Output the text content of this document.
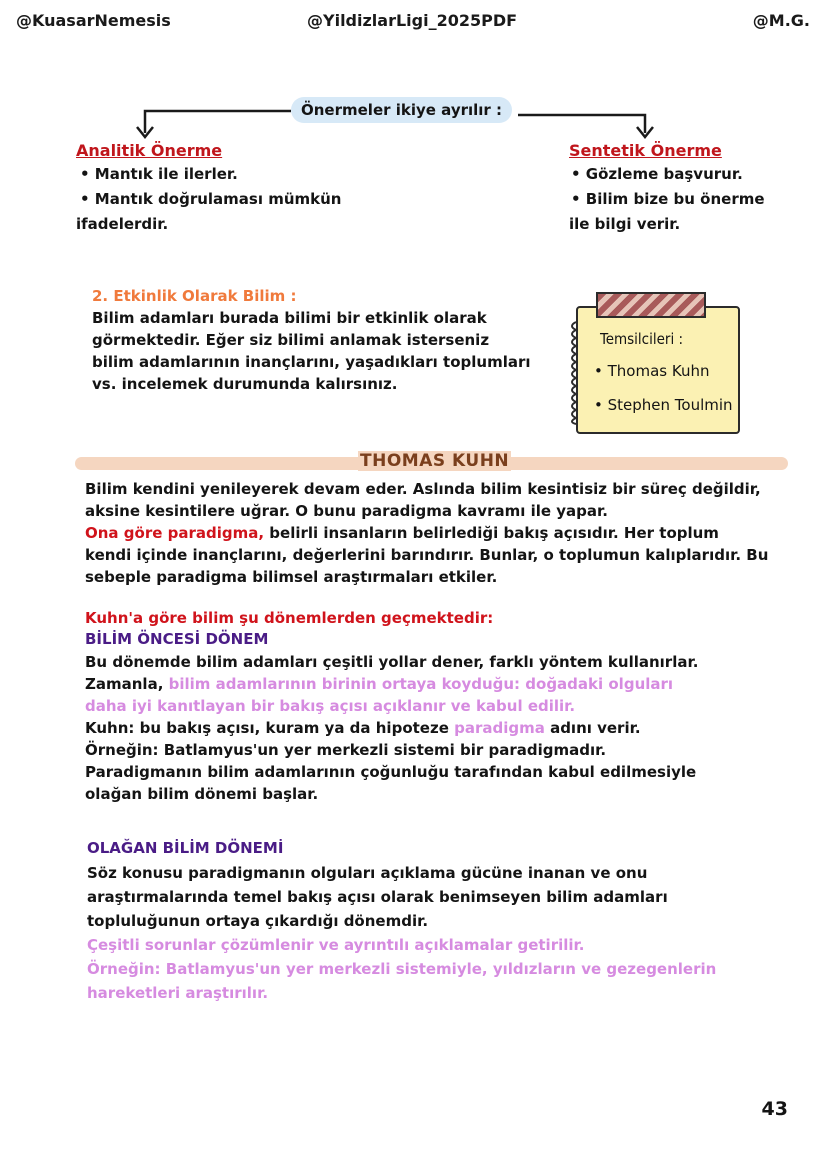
@KuasarNemesis	@YildizlarLigi_2025PDF	@M.G.
Önermeler ikiye ayrılır :
Analitik Önerme
• Mantık ile ilerler.
• Mantık doğrulaması mümkün
ifadelerdir.
Sentetik Önerme
• Gözleme başvurur.
• Bilim bize bu önerme
ile bilgi verir.
2. Etkinlik Olarak Bilim :

Bilim adamları burada bilimi bir etkinlik olarak

görmektedir. Eğer siz bilimi anlamak isterseniz

bilim adamlarının inançlarını, yaşadıkları toplumları

vs. incelemek durumunda kalırsınız.

Temsilcileri :
• Thomas Kuhn
• Stephen Toulmin
THOMAS KUHN

Bilim kendini yenileyerek devam eder. Aslında bilim kesintisiz bir süreç değildir,

aksine kesintilere uğrar. O bunu paradigma kavramı ile yapar.

Ona göre paradigma, belirli insanların belirlediği bakış açısıdır. Her toplum

kendi içinde inançlarını, değerlerini barındırır. Bunlar, o toplumun kalıplarıdır. Bu

sebeple paradigma bilimsel araştırmaları etkiler.

Kuhn'a göre bilim şu dönemlerden geçmektedir:
BİLİM ÖNCESİ DÖNEM

Bu dönemde bilim adamları çeşitli yollar dener, farklı yöntem kullanırlar.

Zamanla, bilim adamlarının birinin ortaya koyduğu: doğadaki olguları

daha iyi kanıtlayan bir bakış açısı açıklanır ve kabul edilir.

Kuhn: bu bakış açısı, kuram ya da hipoteze paradigma adını verir.

Örneğin: Batlamyus'un yer merkezli sistemi bir paradigmadır.

Paradigmanın bilim adamlarının çoğunluğu tarafından kabul edilmesiyle

olağan bilim dönemi başlar.

OLAĞAN BİLİM DÖNEMİ

Söz konusu paradigmanın olguları açıklama gücüne inanan ve onu

araştırmalarında temel bakış açısı olarak benimseyen bilim adamları

topluluğunun ortaya çıkardığı dönemdir.

Çeşitli sorunlar çözümlenir ve ayrıntılı açıklamalar getirilir.

Örneğin: Batlamyus'un yer merkezli sistemiyle, yıldızların ve gezegenlerin

hareketleri araştırılır.

43
